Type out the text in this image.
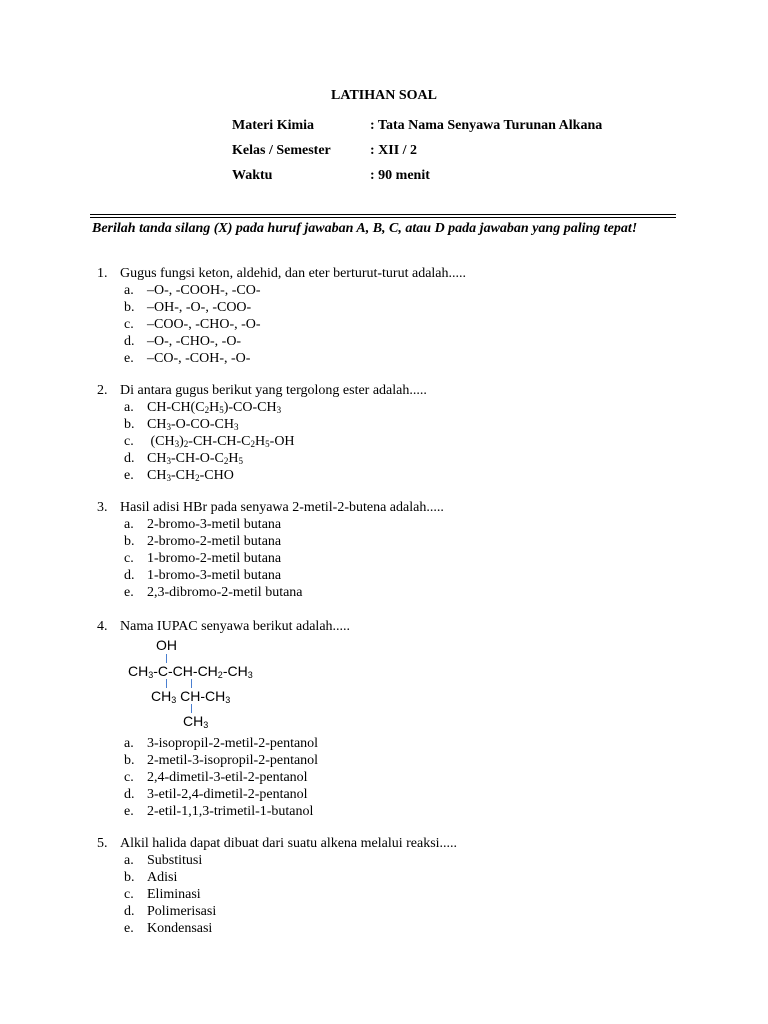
LATIHAN SOAL
Materi Kimia	: Tata Nama Senyawa Turunan Alkana
Kelas / Semester	: XII / 2
Waktu	: 90 menit
Berilah tanda silang (X) pada huruf jawaban A, B, C, atau D pada jawaban yang paling tepat!
1. Gugus fungsi keton, aldehid, dan eter berturut-turut adalah.....
a. –O-, -COOH-, -CO-
b. –OH-, -O-, -COO-
c. –COO-, -CHO-, -O-
d. –O-, -CHO-, -O-
e. –CO-, -COH-, -O-
2. Di antara gugus berikut yang tergolong ester adalah.....
a. $CH-CH(C_2H_5)-CO-CH_3$
b. $CH_3-O-CO-CH_3$
c. $(CH_3)_2-CH-CH-C_2H_5-OH$
d. $CH_3-CH-O-C_2H_5$
e. $CH_3-CH_2$-CHO
3. Hasil adisi HBr pada senyawa 2-metil-2-butena adalah.....
a. 2-bromo-3-metil butana
b. 2-bromo-2-metil butana
c. 1-bromo-2-metil butana
d. 1-bromo-3-metil butana
e. 2,3-dibromo-2-metil butana
4. Nama IUPAC senyawa berikut adalah.....
OH
$CH_3-C-CH-CH_2-CH_3$
$CH_3$ $CH-CH_3$
$CH_3$
a. 3-isopropil-2-metil-2-pentanol
b. 2-metil-3-isopropil-2-pentanol
c. 2,4-dimetil-3-etil-2-pentanol
d. 3-etil-2,4-dimetil-2-pentanol
e. 2-etil-1,1,3-trimetil-1-butanol
5. Alkil halida dapat dibuat dari suatu alkena melalui reaksi.....
a. Substitusi
b. Adisi
c. Eliminasi
d. Polimerisasi
e. Kondensasi
